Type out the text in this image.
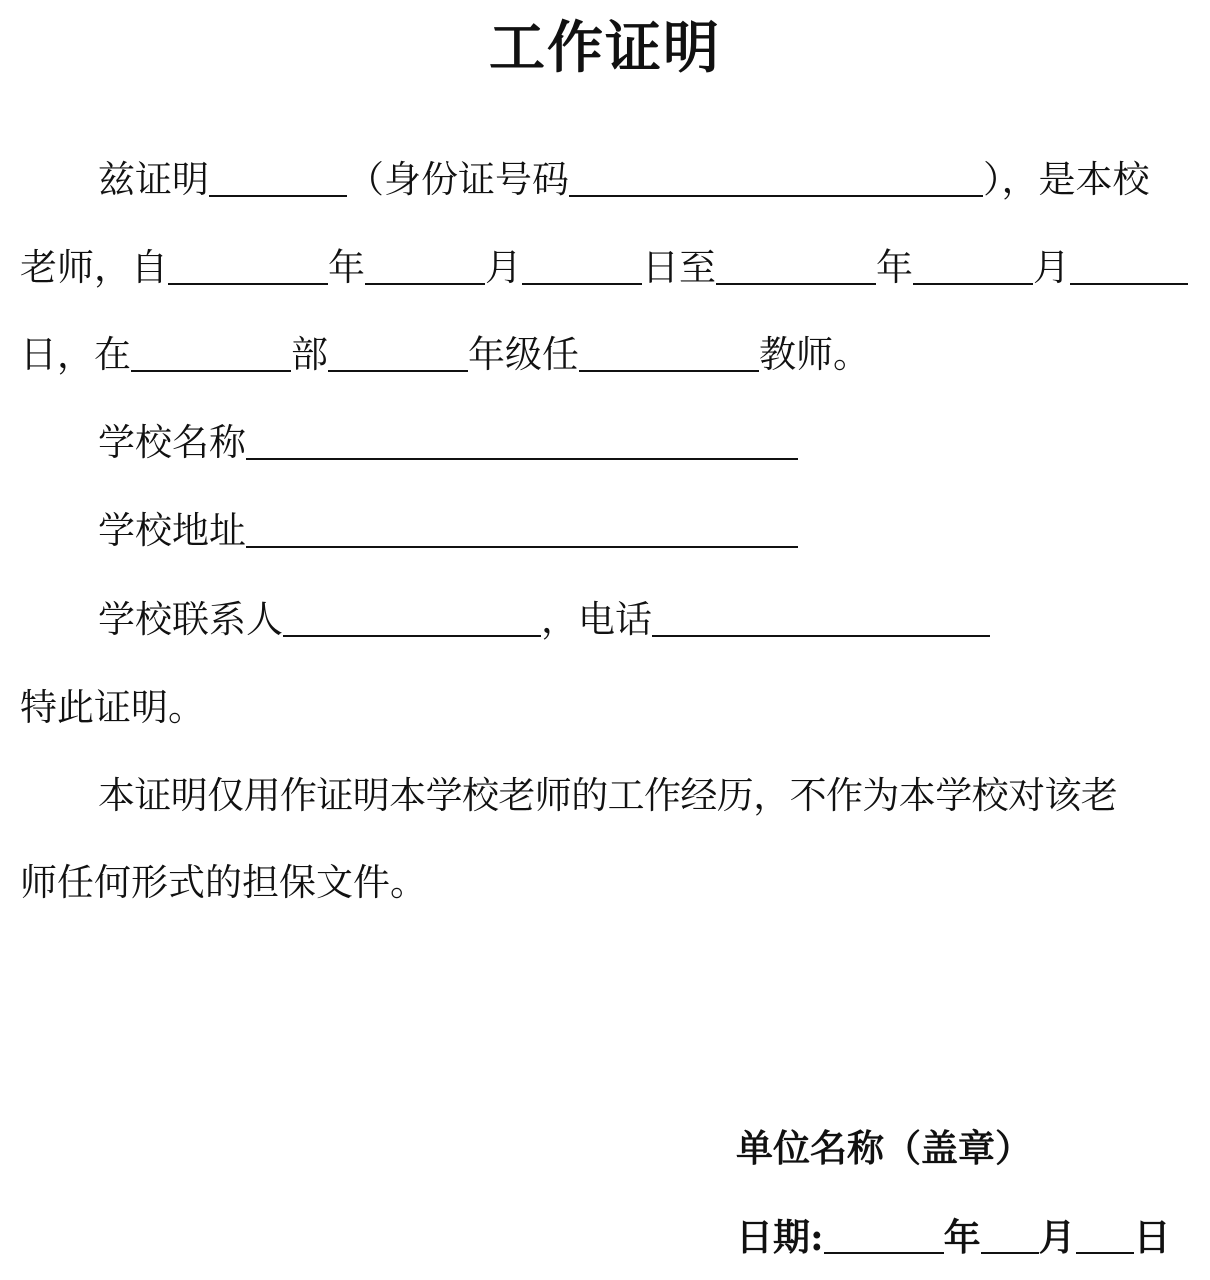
工作证明
兹证明	（身份证号码	），是本校
老师，自	年	月	日至	年	月
日，在	部	年级任	教师。
学校名称
学校地址
学校联系人	，电话
特此证明。
本证明仅用作证明本学校老师的工作经历，不作为本学校对该老
师任何形式的担保文件。
单位名称（盖章）
日期:	年 月 日
